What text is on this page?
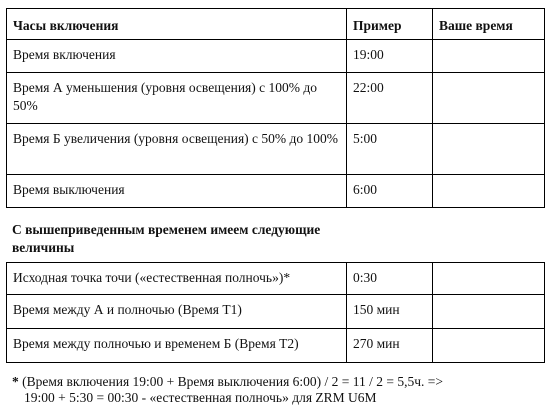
Часы включения	Пример	Ваше время
Время включения	19:00	
Время А уменьшения (уровня освещения) с 100% до 50%	22:00	
Время Б увеличения (уровня освещения) с 50% до 100%	5:00	
Время выключения	6:00	

С вышеприведенным временем имеем следующие величины

Исходная точка точи («естественная полночь»)*	0:30	
Время между А и полночью (Время Т1)	150 мин	
Время между полночью и временем Б (Время Т2)	270 мин	
* (Время включения 19:00 + Время выключения 6:00) / 2 = 11 / 2 = 5,5ч. =>
19:00 + 5:30 = 00:30 - «естественная полночь» для ZRM U6M
